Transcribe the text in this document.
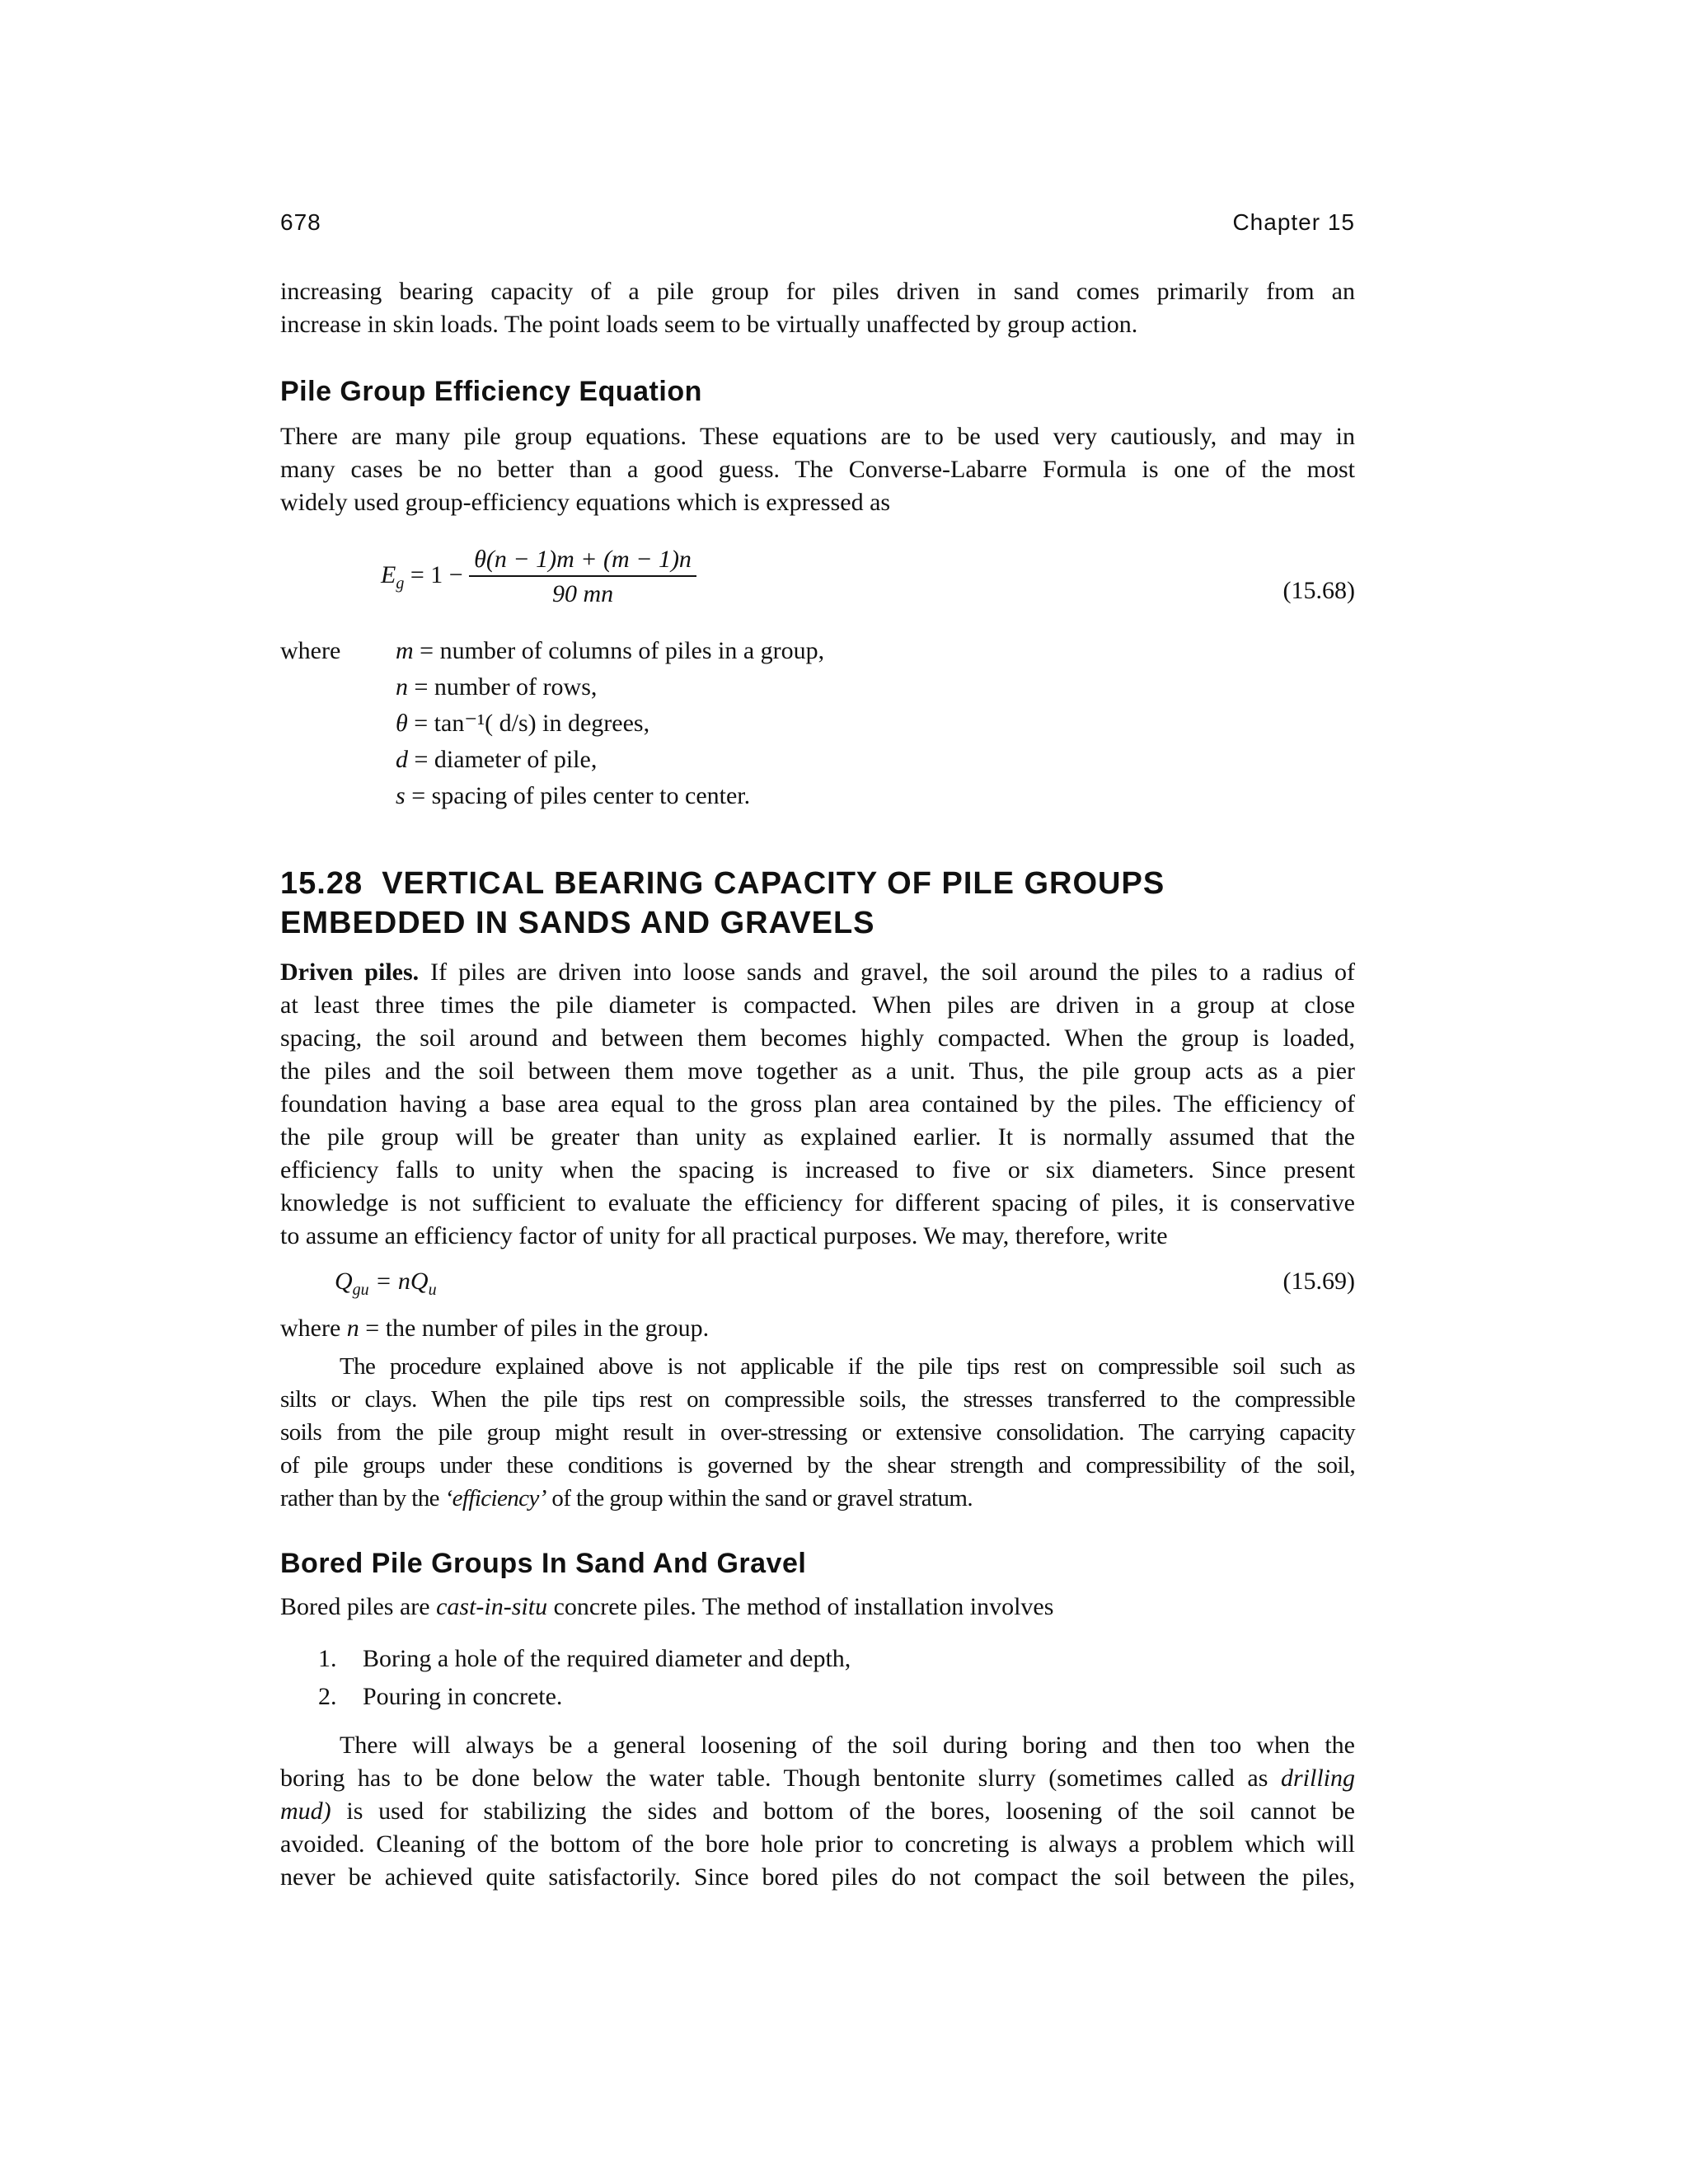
678	Chapter 15
increasing bearing capacity of a pile group for piles driven in sand comes primarily from an
increase in skin loads. The point loads seem to be virtually unaffected by group action.
Pile Group Efficiency Equation
There are many pile group equations. These equations are to be used very cautiously, and may in
many cases be no better than a good guess. The Converse-Labarre Formula is one of the most
widely used group-efficiency equations which is expressed as
$E_g = 1 - \frac{\theta(n - 1)m + (m - 1)n}{90 mn}$	(15.68)
where m = number of columns of piles in a group,
n = number of rows,
θ = tan⁻¹( d/s) in degrees,
d = diameter of pile,
s = spacing of piles center to center.
15.28  VERTICAL BEARING CAPACITY OF PILE GROUPS
EMBEDDED IN SANDS AND GRAVELS
Driven piles. If piles are driven into loose sands and gravel, the soil around the piles to a radius of
at least three times the pile diameter is compacted. When piles are driven in a group at close
spacing, the soil around and between them becomes highly compacted. When the group is loaded,
the piles and the soil between them move together as a unit. Thus, the pile group acts as a pier
foundation having a base area equal to the gross plan area contained by the piles. The efficiency of
the pile group will be greater than unity as explained earlier. It is normally assumed that the
efficiency falls to unity when the spacing is increased to five or six diameters. Since present
knowledge is not sufficient to evaluate the efficiency for different spacing of piles, it is conservative
to assume an efficiency factor of unity for all practical purposes. We may, therefore, write
$Q_{gu} = nQ_u$	(15.69)
where n = the number of piles in the group.
The procedure explained above is not applicable if the pile tips rest on compressible soil such as
silts or clays. When the pile tips rest on compressible soils, the stresses transferred to the compressible
soils from the pile group might result in over-stressing or extensive consolidation. The carrying capacity
of pile groups under these conditions is governed by the shear strength and compressibility of the soil,
rather than by the ‘efficiency’ of the group within the sand or gravel stratum.
Bored Pile Groups In Sand And Gravel
Bored piles are cast-in-situ concrete piles. The method of installation involves
1. Boring a hole of the required diameter and depth,
2. Pouring in concrete.
There will always be a general loosening of the soil during boring and then too when the
boring has to be done below the water table. Though bentonite slurry (sometimes called as drilling
mud) is used for stabilizing the sides and bottom of the bores, loosening of the soil cannot be
avoided. Cleaning of the bottom of the bore hole prior to concreting is always a problem which will
never be achieved quite satisfactorily. Since bored piles do not compact the soil between the piles,
